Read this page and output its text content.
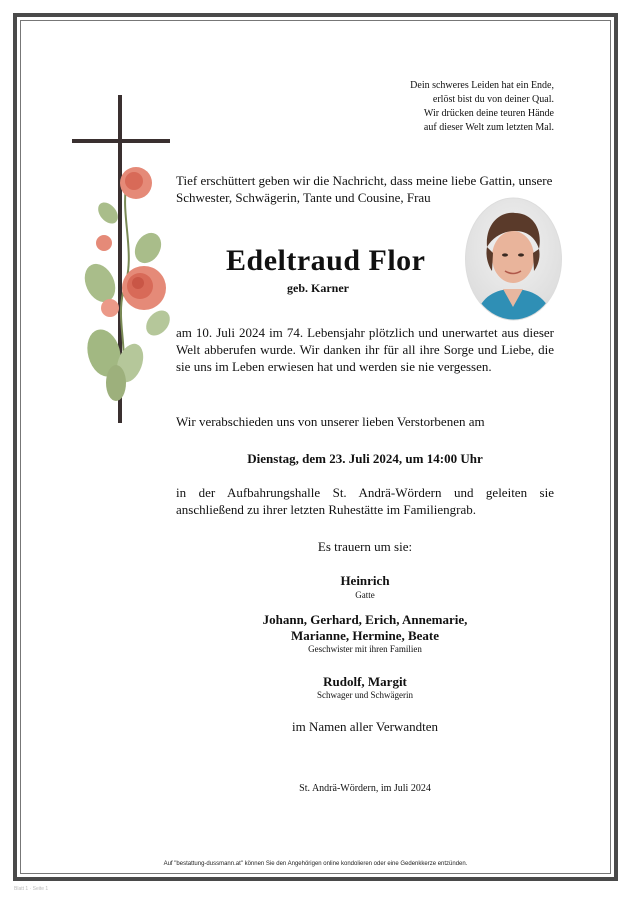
Dein schweres Leiden hat ein Ende,
erlöst bist du von deiner Qual.
Wir drücken deine teuren Hände
auf dieser Welt zum letzten Mal.
Tief erschüttert geben wir die Nachricht, dass meine liebe Gattin, unsere Schwester, Schwägerin, Tante und Cousine, Frau
Edeltraud Flor
geb. Karner
am 10. Juli 2024 im 74. Lebensjahr plötzlich und unerwartet aus dieser Welt abberufen wurde. Wir danken ihr für all ihre Sorge und Liebe, die sie uns im Leben erwiesen hat und werden sie nie vergessen.
Wir verabschieden uns von unserer lieben Verstorbenen am
Dienstag, dem 23. Juli 2024, um 14:00 Uhr
in der Aufbahrungshalle St. Andrä-Wördern und geleiten sie anschließend zu ihrer letzten Ruhestätte im Familiengrab.
Es trauern um sie:
Heinrich
Gatte
Johann, Gerhard, Erich, Annemarie,
Marianne, Hermine, Beate
Geschwister mit ihren Familien
Rudolf, Margit
Schwager und Schwägerin
im Namen aller Verwandten
St. Andrä-Wördern, im Juli 2024
Auf "bestattung-dussmann.at" können Sie den Angehörigen online kondolieren oder eine Gedenkkerze entzünden.
Blatt 1 · Seite 1
